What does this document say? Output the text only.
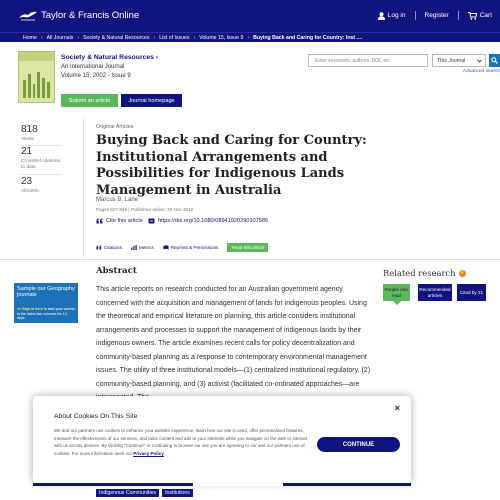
Taylor & Francis Online	Log in	Register	Cart
Home › All Journals › Society & Natural Resources › List of Issues › Volume 15, Issue 9 › Buying Back and Caring for Country: Inst ....
Society & Natural Resources ›
An International Journal
Volume 15, 2002 - Issue 9
Submit an article	Journal homepage
Enter keywords, authors, DOI, etc	This Journal
Advanced search
818
Views
21
CrossRef citations to date
23
Altmetric
Original Articles
Buying Back and Caring for Country: Institutional Arrangements and Possibilities for Indigenous Lands Management in Australia
Marcus B. Lane
Pages 827-846 | Published online: 30 Nov 2010
Cite this article	https://doi.org/10.1080/08941920290107585
Citations	Metrics	Reprints & Permissions	Read this article
Sample our Geography journals
>> Sign in here to start your access to the latest two volumes for 14 days
Abstract

This article reports on research conducted for an Australian government agency concerned with the acquisition and management of lands for indigenous peoples. Using the theoretical and empirical literature on planning, this article considers institutional arrangements and processes to support the management of indigenous lands by their indigenous owners. The article examines recent calls for policy decentralization and community-based planning as a response to contemporary environmental management issues. The utility of three institutional models—(1) centralized institutional regulatory, (2) community-based planning, and (3) activist (facilitated co-ordinated approaches—are

Related research	i
People also read
Recommended articles
Cited by 21
About Cookies On This Site
×
We and our partners use cookies to enhance your website experience, learn how our site is used, offer personalised features, measure the effectiveness of our services, and tailor content and ads to your interests while you navigate on the web or interact with us across devices. By clicking "Continue" or continuing to browse our site you are agreeing to our and our partners use of cookies. For more information seek our Privacy Policy
CONTINUE
Indigenous Communities	Institutions
